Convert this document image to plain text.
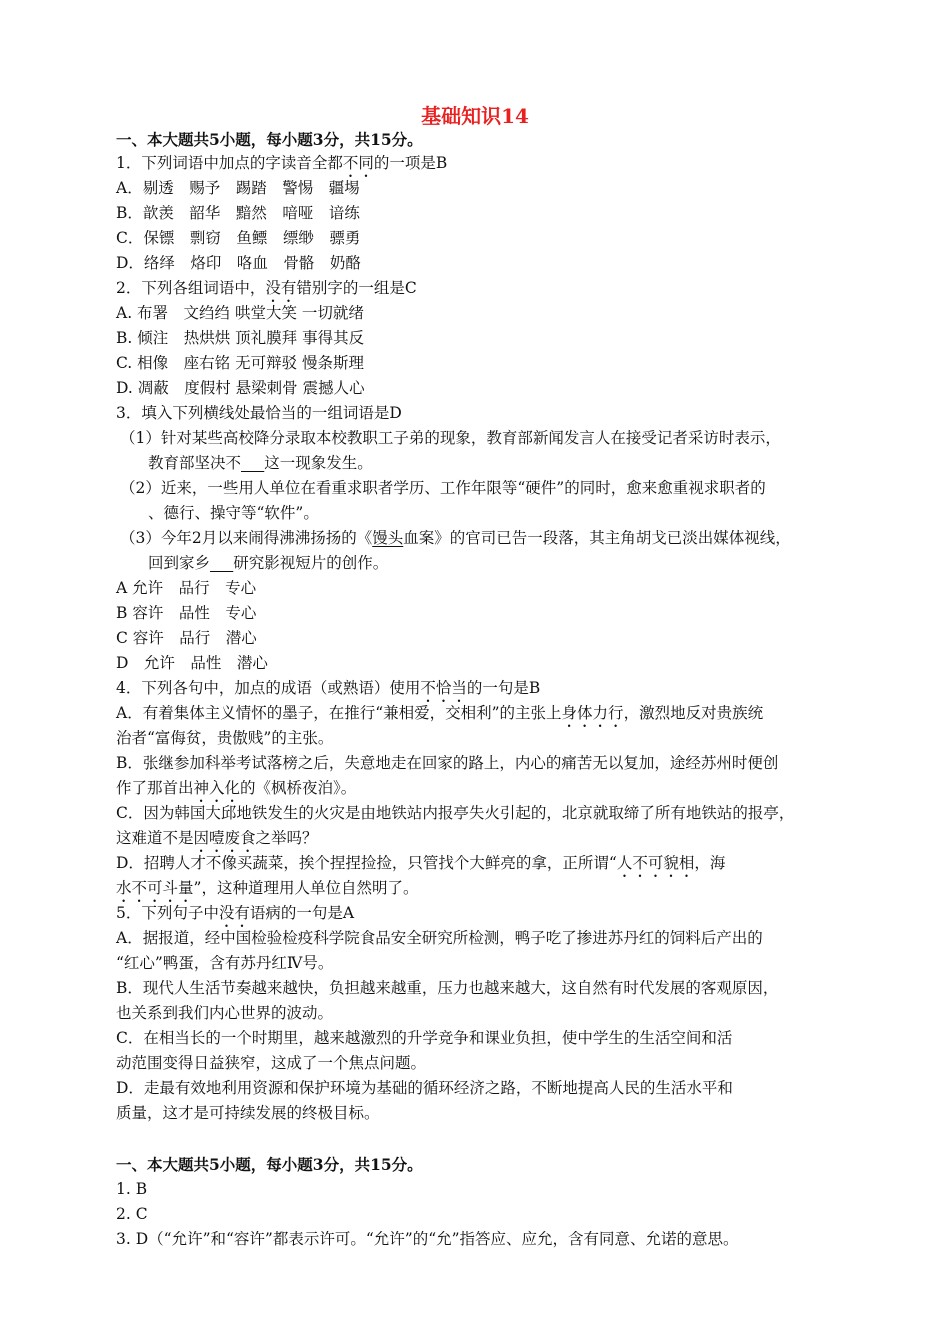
基础知识14
一、本大题共5小题，每小题3分，共15分。
1．下列词语中加点的字读音全都不同的一项是B
A．剔透　赐予　踢踏　警惕　疆埸
B．歆羡　韶华　黯然　喑哑　谙练
C．保镖　剽窃　鱼鳔　缥缈　骠勇
D．络绎　烙印　咯血　骨骼　奶酪
2．下列各组词语中，没有错别字的一组是C
A. 布署　文绉绉 哄堂大笑 一切就绪
B. 倾注　热烘烘 顶礼膜拜 事得其反
C. 相像　座右铭 无可辩驳 慢条斯理
D. 凋蔽　度假村 悬梁刺骨 震撼人心
3．填入下列横线处最恰当的一组词语是D
（1）针对某些高校降分录取本校教职工子弟的现象，教育部新闻发言人在接受记者采访时表示，
教育部坚决不    这一现象发生。
（2）近来，一些用人单位在看重求职者学历、工作年限等“硬件”的同时，愈来愈重视求职者的
、德行、操守等“软件”。
（3）今年2月以来闹得沸沸扬扬的《馒头血案》的官司已告一段落，其主角胡戈已淡出媒体视线，
回到家乡    研究影视短片的创作。
A 允许　品行　专心
B 容许　品性　专心
C 容许　品行　潜心
D　允许　品性　潜心
4．下列各句中，加点的成语（或熟语）使用不恰当的一句是B
A．有着集体主义情怀的墨子，在推行“兼相爱，交相利”的主张上身体力行，激烈地反对贵族统
治者“富侮贫，贵傲贱”的主张。
B．张继参加科举考试落榜之后，失意地走在回家的路上，内心的痛苦无以复加，途经苏州时便创
作了那首出神入化的《枫桥夜泊》。
C．因为韩国大邱地铁发生的火灾是由地铁站内报亭失火引起的，北京就取缔了所有地铁站的报亭，
这难道不是因噎废食之举吗？
D．招聘人才不像买蔬菜，挨个捏捏捡捡，只管找个大鲜亮的拿，正所谓“人不可貌相，海
水不可斗量”，这种道理用人单位自然明了。
5．下列句子中没有语病的一句是A
A．据报道，经中国检验检疫科学院食品安全研究所检测，鸭子吃了掺进苏丹红的饲料后产出的
“红心”鸭蛋，含有苏丹红Ⅳ号。
B．现代人生活节奏越来越快，负担越来越重，压力也越来越大，这自然有时代发展的客观原因，
也关系到我们内心世界的波动。
C．在相当长的一个时期里，越来越激烈的升学竞争和课业负担，使中学生的生活空间和活
动范围变得日益狭窄，这成了一个焦点问题。
D．走最有效地利用资源和保护环境为基础的循环经济之路，不断地提高人民的生活水平和
质量，这才是可持续发展的终极目标。
一、本大题共5小题，每小题3分，共15分。
1. B
2. C
3. D（“允许”和“容许”都表示许可。“允许”的“允”指答应、应允，含有同意、允诺的意思。
